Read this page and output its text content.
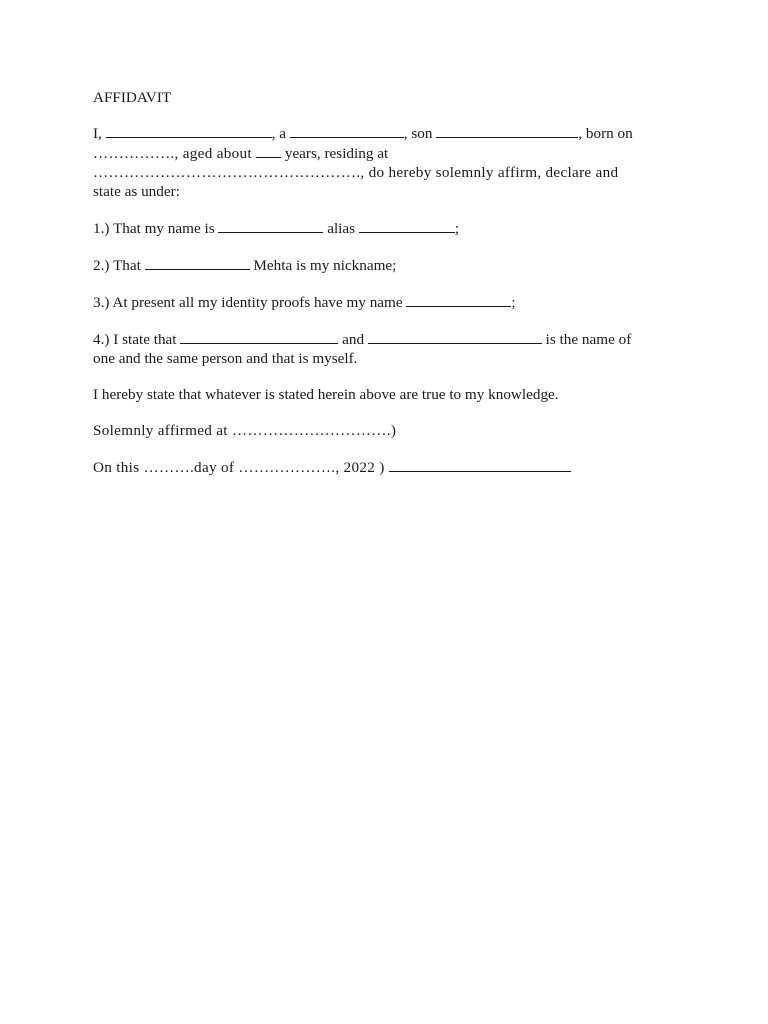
AFFIDAVIT
I,	, a	, son	, born on
……………., aged about  years, residing at
……………………………………………., do hereby solemnly affirm, declare and
state as under:
1.) That my name is	alias	;
2.) That	Mehta is my nickname;
3.) At present all my identity proofs have my name	;
4.) I state that	and	is the name of
one and the same person and that is myself.
I hereby state that whatever is stated herein above are true to my knowledge.
Solemnly affirmed at ………………………….)
On this ……….day of ………………., 2022 )
